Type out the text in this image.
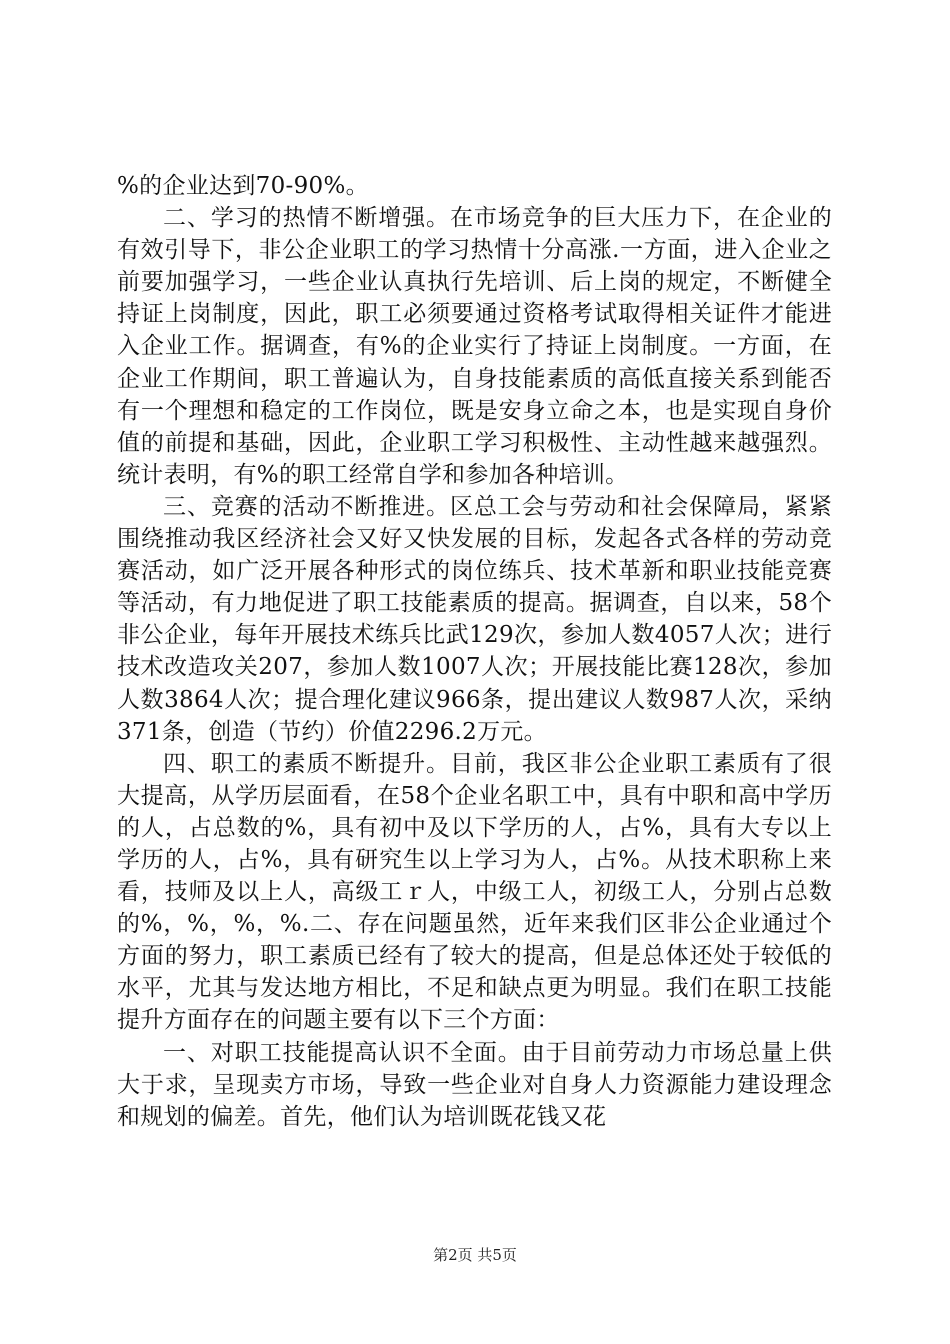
%的企业达到70-90%。

二、学习的热情不断增强。在市场竞争的巨大压力下，在企业的有效引导下，非公企业职工的学习热情十分高涨.一方面，进入企业之前要加强学习，一些企业认真执行先培训、后上岗的规定，不断健全持证上岗制度，因此，职工必须要通过资格考试取得相关证件才能进入企业工作。据调查，有%的企业实行了持证上岗制度。一方面，在企业工作期间，职工普遍认为，自身技能素质的高低直接关系到能否有一个理想和稳定的工作岗位，既是安身立命之本，也是实现自身价值的前提和基础，因此，企业职工学习积极性、主动性越来越强烈。统计表明，有%的职工经常自学和参加各种培训。

三、竞赛的活动不断推进。区总工会与劳动和社会保障局，紧紧围绕推动我区经济社会又好又快发展的目标，发起各式各样的劳动竞赛活动，如广泛开展各种形式的岗位练兵、技术革新和职业技能竞赛等活动，有力地促进了职工技能素质的提高。据调查，自以来，58个非公企业，每年开展技术练兵比武129次，参加人数4057人次；进行技术改造攻关207，参加人数1007人次；开展技能比赛128次，参加人数3864人次；提合理化建议966条，提出建议人数987人次，采纳371条，创造（节约）价值2296.2万元。

四、职工的素质不断提升。目前，我区非公企业职工素质有了很大提高，从学历层面看，在58个企业名职工中，具有中职和高中学历的人，占总数的%，具有初中及以下学历的人，占%，具有大专以上学历的人，占%，具有研究生以上学习为人，占%。从技术职称上来看，技师及以上人，高级工ｒ人，中级工人，初级工人，分别占总数的%，%，%，%.二、存在问题虽然，近年来我们区非公企业通过个方面的努力，职工素质已经有了较大的提高，但是总体还处于较低的水平，尤其与发达地方相比，不足和缺点更为明显。我们在职工技能提升方面存在的问题主要有以下三个方面：

一、对职工技能提高认识不全面。由于目前劳动力市场总量上供大于求，呈现卖方市场，导致一些企业对自身人力资源能力建设理念和规划的偏差。首先，他们认为培训既花钱又花

第2页 共5页
